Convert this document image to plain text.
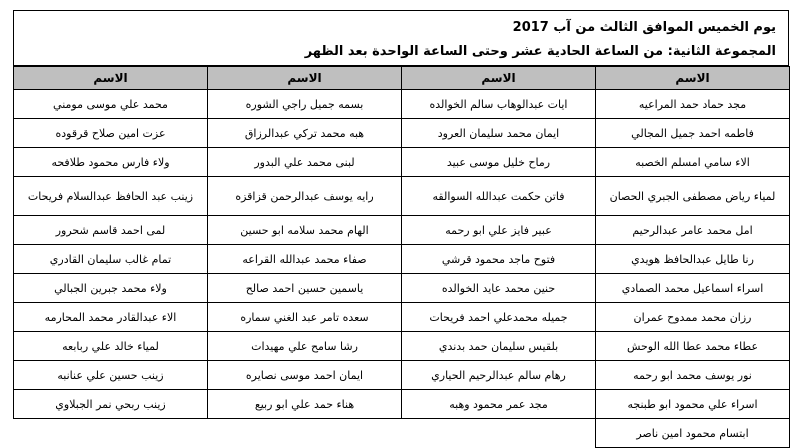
يوم الخميس الموافق الثالث من آب 2017
المجموعة الثانية: من الساعة الحادية عشر وحتى الساعة الواحدة بعد الظهر
الاسم	الاسم	الاسم	الاسم
مجد حماد حمد المراعيه	ايات عبدالوهاب سالم الخوالده	بسمه جميل راجي الشوره	محمد علي موسى مومني
فاطمه احمد جميل المجالي	ايمان محمد سليمان العرود	هبه محمد تركي عبدالرزاق	عزت امين صلاح قرقوده
الاء سامي امسلم الخصبه	رماح خليل موسى عبيد	لبنى محمد علي البدور	ولاء فارس محمود طلافحه
لمياء رياض مصطفى الجبري الحصان	فاتن حكمت عبدالله السوالقه	رايه يوسف عبدالرحمن قزاقزه	زينب عبد الحافظ عبدالسلام فريحات
امل محمد عامر عبدالرحيم	عبير فايز علي ابو رحمه	الهام محمد سلامه ابو حسين	لمى احمد قاسم شحرور
رنا طايل عبدالحافظ هويدي	فتوح ماجد محمود قرشي	صفاء محمد عبدالله القراعه	تمام غالب سليمان القادري
اسراء اسماعيل محمد الصمادي	حنين محمد عايد الخوالده	ياسمين حسين احمد صالح	ولاء محمد جبرين الجبالي
رزان محمد ممدوح عمران	جميله محمدعلي احمد فريحات	سعده تامر عبد الغني سماره	الاء عبدالقادر محمد المحارمه
عطاء محمد عطا الله الوحش	بلقيس سليمان حمد بدندي	رشا سامح علي مهيدات	لمياء خالد علي ربابعه
نور يوسف محمد ابو رحمه	رهام سالم عبدالرحيم الحياري	ايمان احمد موسى نصايره	زينب حسين علي عنانبه
اسراء علي محمود ابو طبنجه	مجد عمر محمود وهبه	هناء حمد علي ابو ربيع	زينب ربحي نمر الجبلاوي
ابتسام محمود امين ناصر			
